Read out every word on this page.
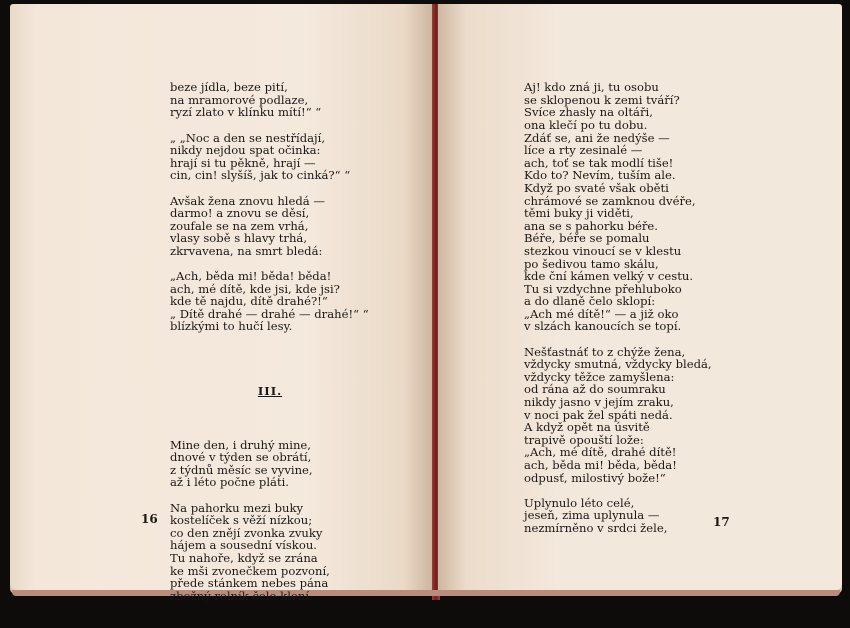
beze jídla, beze pití,
na mramorové podlaze,
ryzí zlato v klínku mítí!“ “
„ „Noc a den se nestřídají,
nikdy nejdou spat očinka:
hrají si tu pěkně, hrají —
cin, cin! slyšíš, jak to cinká?“ “
Avšak žena znovu hledá —
darmo! a znovu se děsí,
zoufale se na zem vrhá,
vlasy sobě s hlavy trhá,
zkrvavena, na smrt bledá:
„Ach, běda mi! běda! běda!
ach, mé dítě, kde jsi, kde jsi?
kde tě najdu, dítě drahé?!“
„ Dítě drahé — drahé — drahé!“ “
blízkými to hučí lesy.

III.

Mine den, i druhý mine,
dnové v týden se obrátí,
z týdnů měsíc se vyvine,
až i léto počne pláti.
Na pahorku mezi buky
kostelíček s věží nízkou;
co den znějí zvonka zvuky
hájem a sousední vískou.
Tu nahoře, když se zrána
ke mši zvonečkem pozvoní,
přede stánkem nebes pána
zbožný rolník čelo kloní.

Aj! kdo zná ji, tu osobu
se sklopenou k zemi tváří?
Svíce zhasly na oltáři,
ona klečí po tu dobu.
Zdáť se, ani že nedýše —
líce a rty zesinalé —
ach, toť se tak modlí tiše!
Kdo to? Nevím, tuším ale.
Když po svaté však oběti
chrámové se zamknou dvéře,
těmi buky ji viděti,
ana se s pahorku béře.
Béře, béře se pomalu
stezkou vinoucí se v klestu
po šedivou tamo skálu,
kde ční kámen velký v cestu.
Tu si vzdychne přehluboko
a do dlaně čelo sklopí:
„Ach mé dítě!“ — a již oko
v slzách kanoucích se topí.
Nešťastnáť to z chýže žena,
vždycky smutná, vždycky bledá,
vždycky těžce zamyšlena:
od rána až do soumraku
nikdy jasno v jejím zraku,
v noci pak žel spáti nedá.
A když opět na úsvitě
trapivě opouští lože:
„Ach, mé dítě, drahé dítě!
ach, běda mi! běda, běda!
odpusť, milostivý bože!“
Uplynulo léto celé,
jeseň, zima uplynula —
nezmírněno v srdci žele,

16	17
